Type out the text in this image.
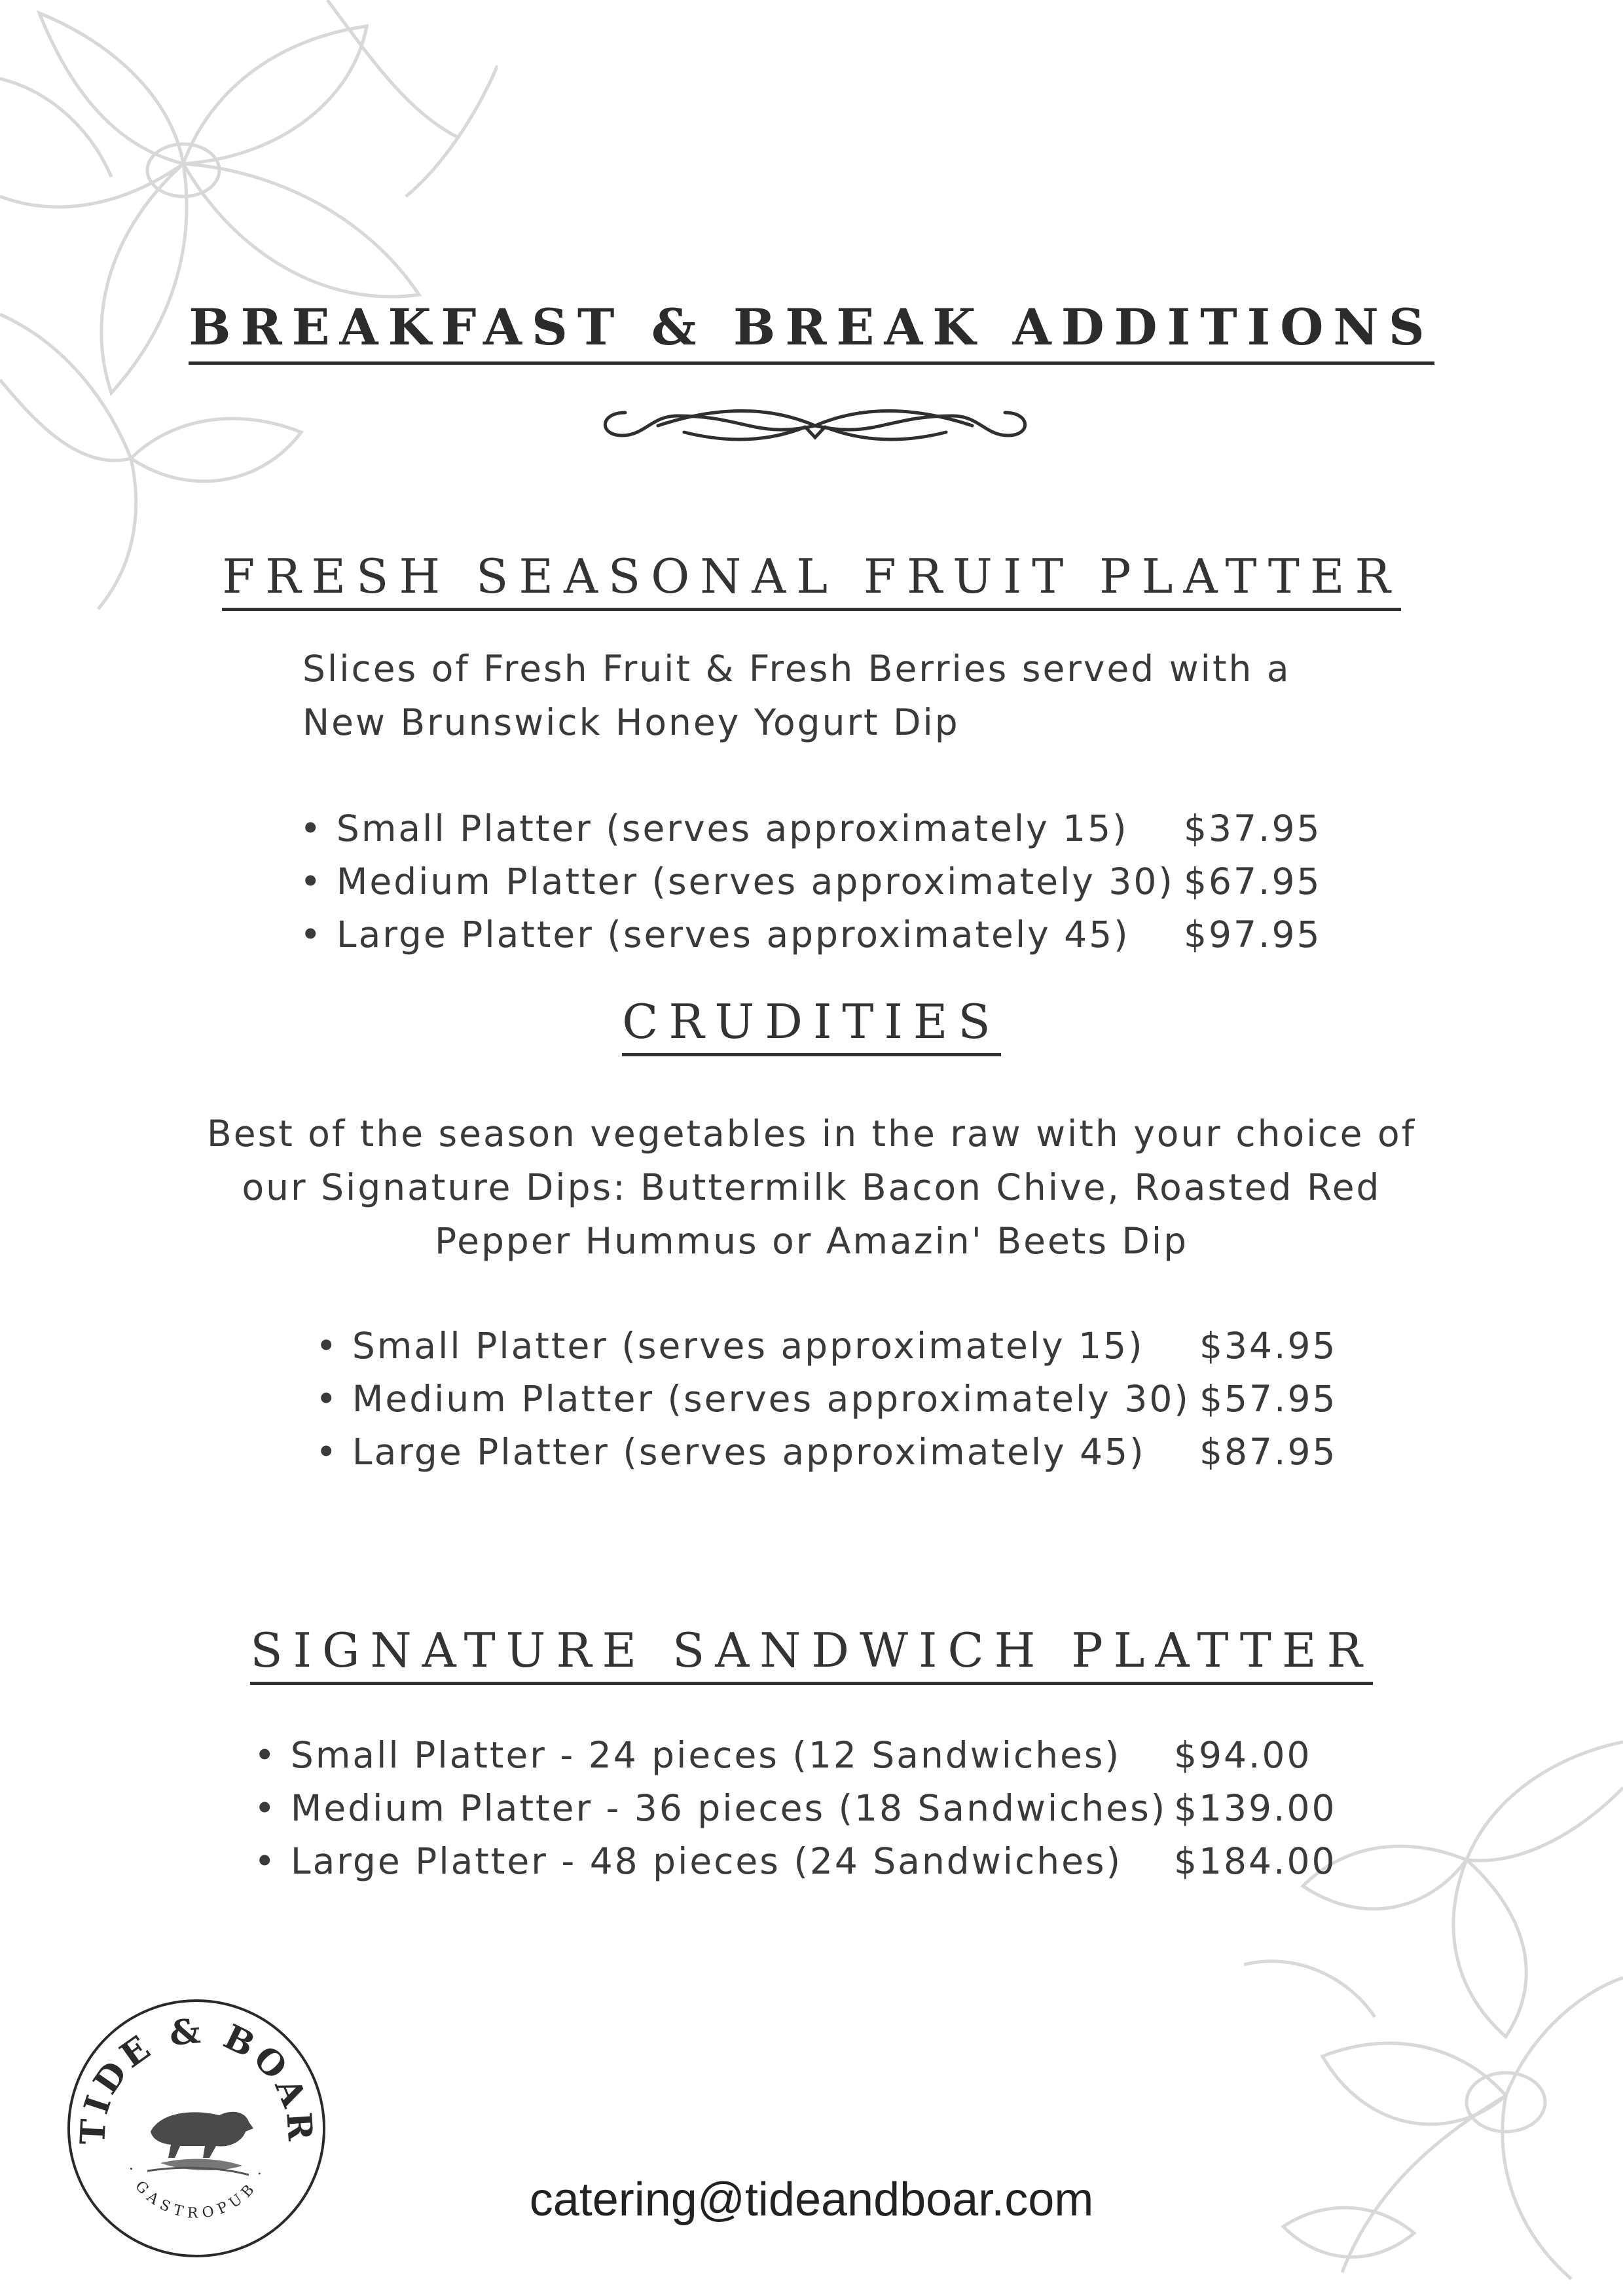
BREAKFAST & BREAK ADDITIONS
FRESH SEASONAL FRUIT PLATTER

Slices of Fresh Fruit & Fresh Berries served with a
New Brunswick Honey Yogurt Dip

• Small Platter (serves approximately 15) $37.95
• Medium Platter (serves approximately 30) $67.95
• Large Platter (serves approximately 45) $97.95
CRUDITIES

Best of the season vegetables in the raw with your choice of
our Signature Dips: Buttermilk Bacon Chive, Roasted Red
Pepper Hummus or Amazin' Beets Dip

• Small Platter (serves approximately 15) $34.95
• Medium Platter (serves approximately 30) $57.95
• Large Platter (serves approximately 45) $87.95
SIGNATURE SANDWICH PLATTER
• Small Platter - 24 pieces (12 Sandwiches) $94.00
• Medium Platter - 36 pieces (18 Sandwiches) $139.00
• Large Platter - 48 pieces (24 Sandwiches) $184.00
TIDE & BOAR
· GASTROPUB ·
catering@tideandboar.com
